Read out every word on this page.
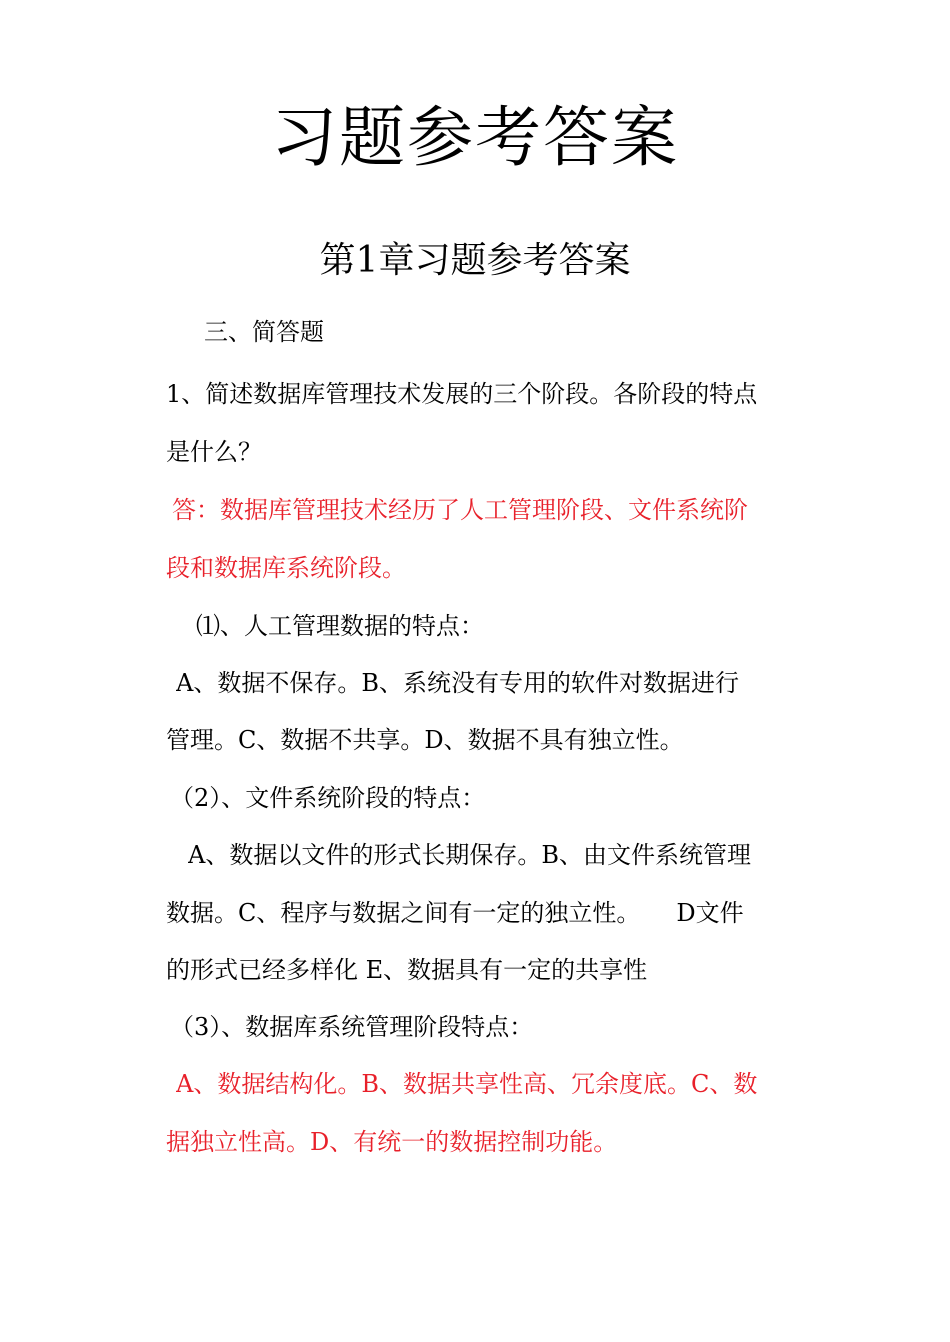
习题参考答案
第1章习题参考答案

三、简答题

1、简述数据库管理技术发展的三个阶段。各阶段的特点

是什么？

答：数据库管理技术经历了人工管理阶段、文件系统阶

段和数据库系统阶段。

⑴、人工管理数据的特点：

A、数据不保存。B、系统没有专用的软件对数据进行

管理。C、数据不共享。D、数据不具有独立性。

（2）、文件系统阶段的特点：

A、数据以文件的形式长期保存。B、由文件系统管理

数据。C、程序与数据之间有一定的独立性。　　D文件

的形式已经多样化 E、数据具有一定的共享性

（3）、数据库系统管理阶段特点：

A、数据结构化。B、数据共享性高、冗余度底。C、数

据独立性高。D、有统一的数据控制功能。
